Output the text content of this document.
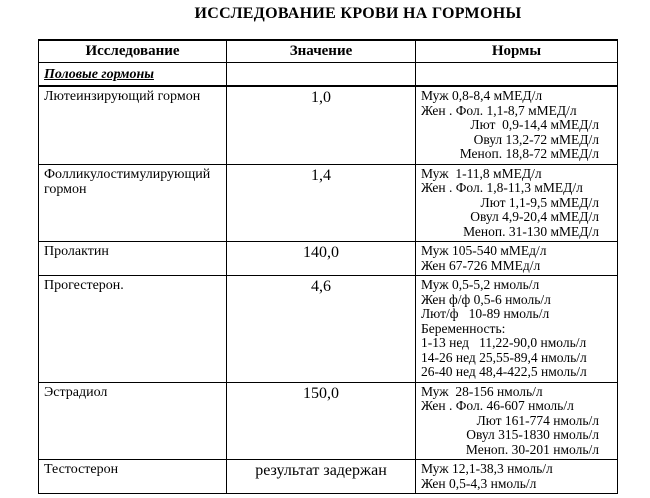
ИССЛЕДОВАНИЕ КРОВИ НА ГОРМОНЫ
Исследование	Значение	Нормы
Половые гормоны		
Лютеинзирующий гормон	1,0	Муж 0,8-8,4 мМЕД/л
Жен . Фол. 1,1-8,7 мМЕД/л
Лют  0,9-14,4 мМЕД/л
Овул 13,2-72 мМЕД/л
Меноп. 18,8-72 мМЕД/л

Фолликулостимулирующий гормон	1,4	Муж  1-11,8 мМЕД/л
Жен . Фол. 1,8-11,3 мМЕД/л
Лют 1,1-9,5 мМЕД/л
Овул 4,9-20,4 мМЕД/л
Меноп. 31-130 мМЕД/л

Пролактин	140,0	Муж 105-540 мМЕд/л
Жен 67-726 ММЕд/л

Прогестерон.	4,6	Муж 0,5-5,2 нмоль/л
Жен ф/ф 0,5-6 нмоль/л
Лют/ф   10-89 нмоль/л
Беременность:
1-13 нед   11,22-90,0 нмоль/л
14-26 нед 25,55-89,4 нмоль/л
26-40 нед 48,4-422,5 нмоль/л

Эстрадиол	150,0	Муж  28-156 нмоль/л
Жен . Фол. 46-607 нмоль/л
Лют 161-774 нмоль/л
Овул 315-1830 нмоль/л
Меноп. 30-201 нмоль/л

Тестостерон	результат задержан	Муж 12,1-38,3 нмоль/л
Жен 0,5-4,3 нмоль/л
